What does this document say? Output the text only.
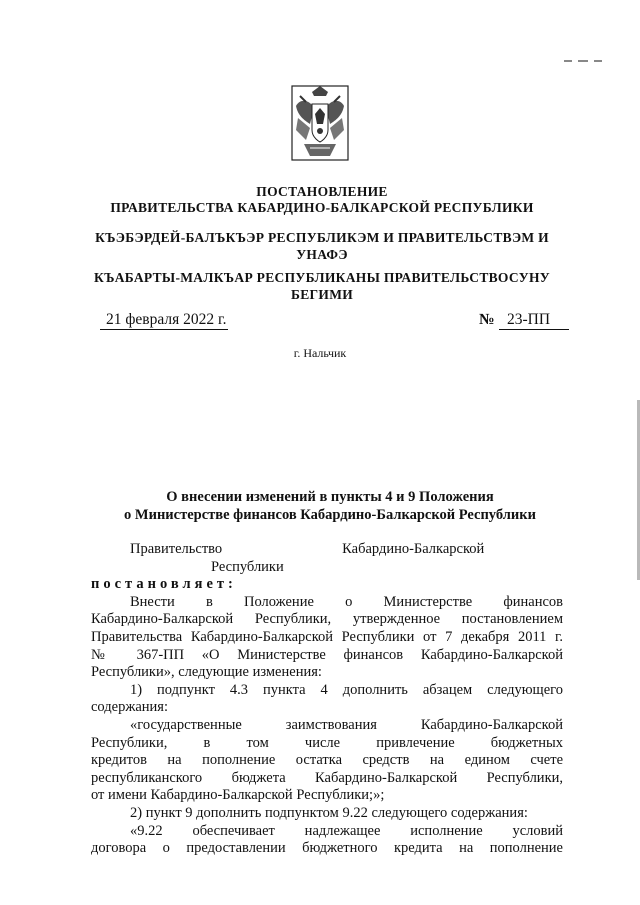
ПОСТАНОВЛЕНИЕ
ПРАВИТЕЛЬСТВА КАБАРДИНО-БАЛКАРСКОЙ РЕСПУБЛИКИ
КЪЭБЭРДЕЙ-БАЛЪКЪЭР РЕСПУБЛИКЭМ И ПРАВИТЕЛЬСТВЭМ И
УНАФЭ
КЪАБАРТЫ-МАЛКЪАР РЕСПУБЛИКАНЫ ПРАВИТЕЛЬСТВОСУНУ
БЕГИМИ
21 февраля 2022 г.	№ 23-ПП
г. Нальчик
О внесении изменений в пункты 4 и 9 Положения
о Министерстве финансов Кабардино-Балкарской Республики

Правительство	Кабардино-БалкарскойРеспублики

постановляет:

Внести в Положение о Министерстве финансов

Кабардино-Балкарской Республики, утвержденное постановлением

Правительства Кабардино-Балкарской Республики от 7 декабря 2011 г.

№ 367-ПП «О Министерстве финансов Кабардино-Балкарской

Республики», следующие изменения:

1) подпункт 4.3 пункта 4 дополнить абзацем следующего

содержания:

«государственные заимствования Кабардино-Балкарской

Республики, в том числе привлечение бюджетных

кредитов на пополнение остатка средств на едином счете

республиканского бюджета Кабардино-Балкарской Республики,

от имени Кабардино-Балкарской Республики;»;

2) пункт 9 дополнить подпунктом 9.22 следующего содержания:

«9.22 обеспечивает надлежащее исполнение условий

договора о предоставлении бюджетного кредита на пополнение
